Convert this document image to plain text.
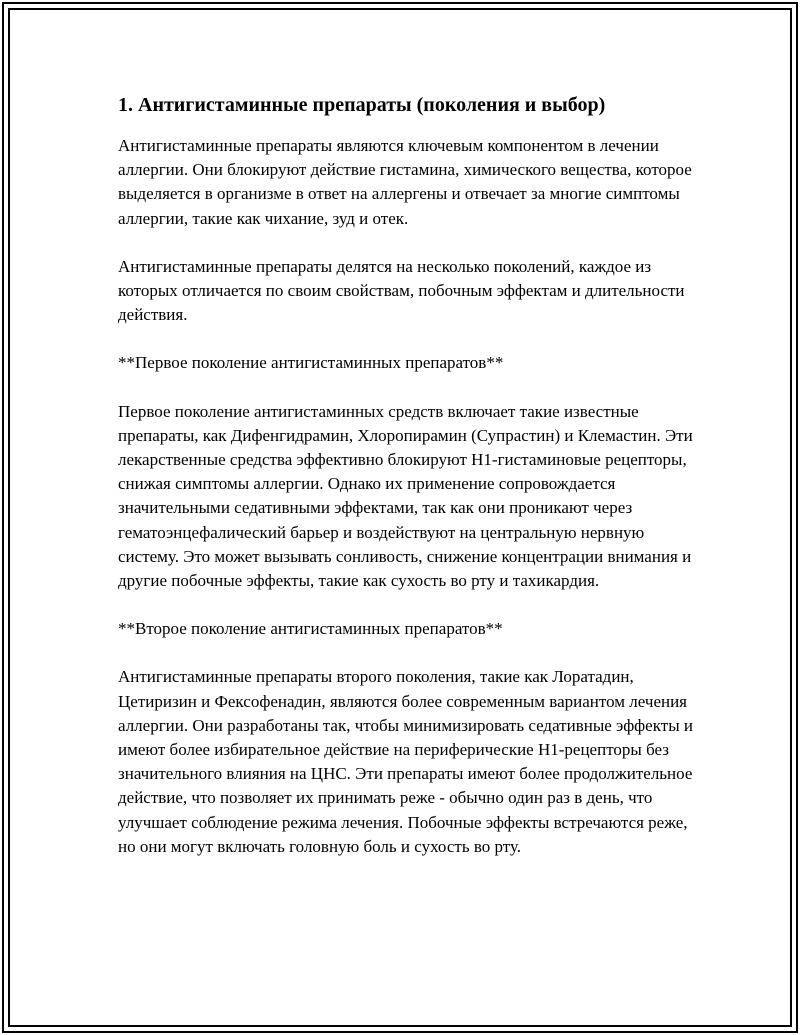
1. Антигистаминные препараты (поколения и выбор)

Антигистаминные препараты являются ключевым компонентом в лечении аллергии. Они блокируют действие гистамина, химического вещества, которое выделяется в организме в ответ на аллергены и отвечает за многие симптомы аллергии, такие как чихание, зуд и отек.

Антигистаминные препараты делятся на несколько поколений, каждое из которых отличается по своим свойствам, побочным эффектам и длительности действия.

**Первое поколение антигистаминных препаратов**

Первое поколение антигистаминных средств включает такие известные препараты, как Дифенгидрамин, Хлоропирамин (Супрастин) и Клемастин. Эти лекарственные средства эффективно блокируют H1-гистаминовые рецепторы, снижая симптомы аллергии. Однако их применение сопровождается значительными седативными эффектами, так как они проникают через гематоэнцефалический барьер и воздействуют на центральную нервную систему. Это может вызывать сонливость, снижение концентрации внимания и другие побочные эффекты, такие как сухость во рту и тахикардия.

**Второе поколение антигистаминных препаратов**

Антигистаминные препараты второго поколения, такие как Лоратадин, Цетиризин и Фексофенадин, являются более современным вариантом лечения аллергии. Они разработаны так, чтобы минимизировать седативные эффекты и имеют более избирательное действие на периферические H1-рецепторы без значительного влияния на ЦНС. Эти препараты имеют более продолжительное действие, что позволяет их принимать реже - обычно один раз в день, что улучшает соблюдение режима лечения. Побочные эффекты встречаются реже, но они могут включать головную боль и сухость во рту.
